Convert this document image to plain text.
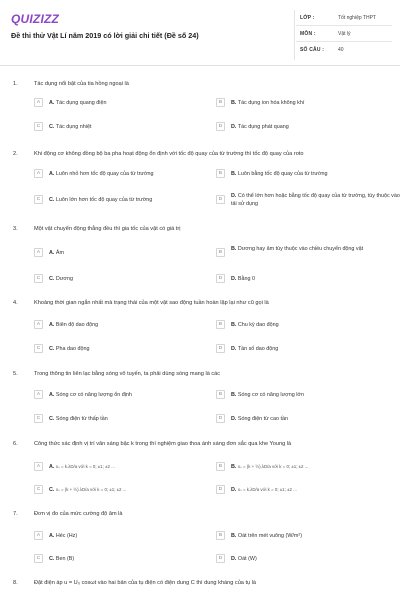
QUIZIZZ
Đề thi thử Vật Lí năm 2019 có lời giải chi tiết (Đề số 24)
LỚP :	Tốt nghiệp THPT
MÔN :	Vật lý
SỐ CÂU :	40
1.	Tác dụng nổi bật của tia hồng ngoại là
A	A. Tác dụng quang điện	B	B. Tác dụng ion hóa không khí
C	C. Tác dụng nhiệt	D	D. Tác dụng phát quang
2.	Khi động cơ không đồng bộ ba pha hoạt động ổn định với tốc độ quay của từ trường thì tốc độ quay của roto
A	A. Luôn nhỏ hơn tốc độ quay của từ trường	B	B. Luôn bằng tốc độ quay của từ trường
C	C. Luôn lớn hơn tốc độ quay của từ trường	D
D. Có thể lớn hơn hoặc bằng tốc độ quay của từ trường, tùy thuộc vào tải sử dụng
3.	Một vật chuyển động thẳng đều thì gia tốc của vật có giá trị
A	A. Âm	B
B. Dương hay âm tùy thuộc vào chiều chuyển động vật
C	C. Dương	D	D. Bằng 0
4.	Khoảng thời gian ngắn nhất mà trạng thái của một vật sao động tuần hoàn lặp lại như cũ gọi là
A	A. Biên độ dao động	B	B. Chu kỳ dao động
C	C. Pha dao động	D	D. Tần số dao động
5.	Trong thông tin liên lạc bằng sóng vô tuyến, ta phải dùng sóng mang là các
A	A. Sóng cơ có năng lượng ổn định	B	B. Sóng cơ có năng lượng lớn
C	C. Sóng điện từ thấp tần	D	D. Sóng điện từ cao tần
6.	Công thức xác định vị trí vân sáng bậc k trong thí nghiệm giao thoa ánh sáng đơn sắc qua khe Young là
A	A. xₛ = k.λD/a với k = 0; ±1; ±2 ...	B	B. xₛ = (k + ½).λD/a với k = 0; ±1; ±2 ...
C	C. xₛ = (k + ½).λD/a với k = 0; ±1; ±2 ...	D	D. xₛ = k.λD/a với k = 0; ±1; ±2 ...
7.	Đơn vị đo của mức cường độ âm là
A	A. Héc (Hz)	B	B. Oát trên mét vuông (W/m²)
C	C. Ben (B)	D	D. Oát (W)
8.	Đặt điện áp u = U₀ cosωt vào hai bản của tụ điện có điện dung C thì dung kháng của tụ là
